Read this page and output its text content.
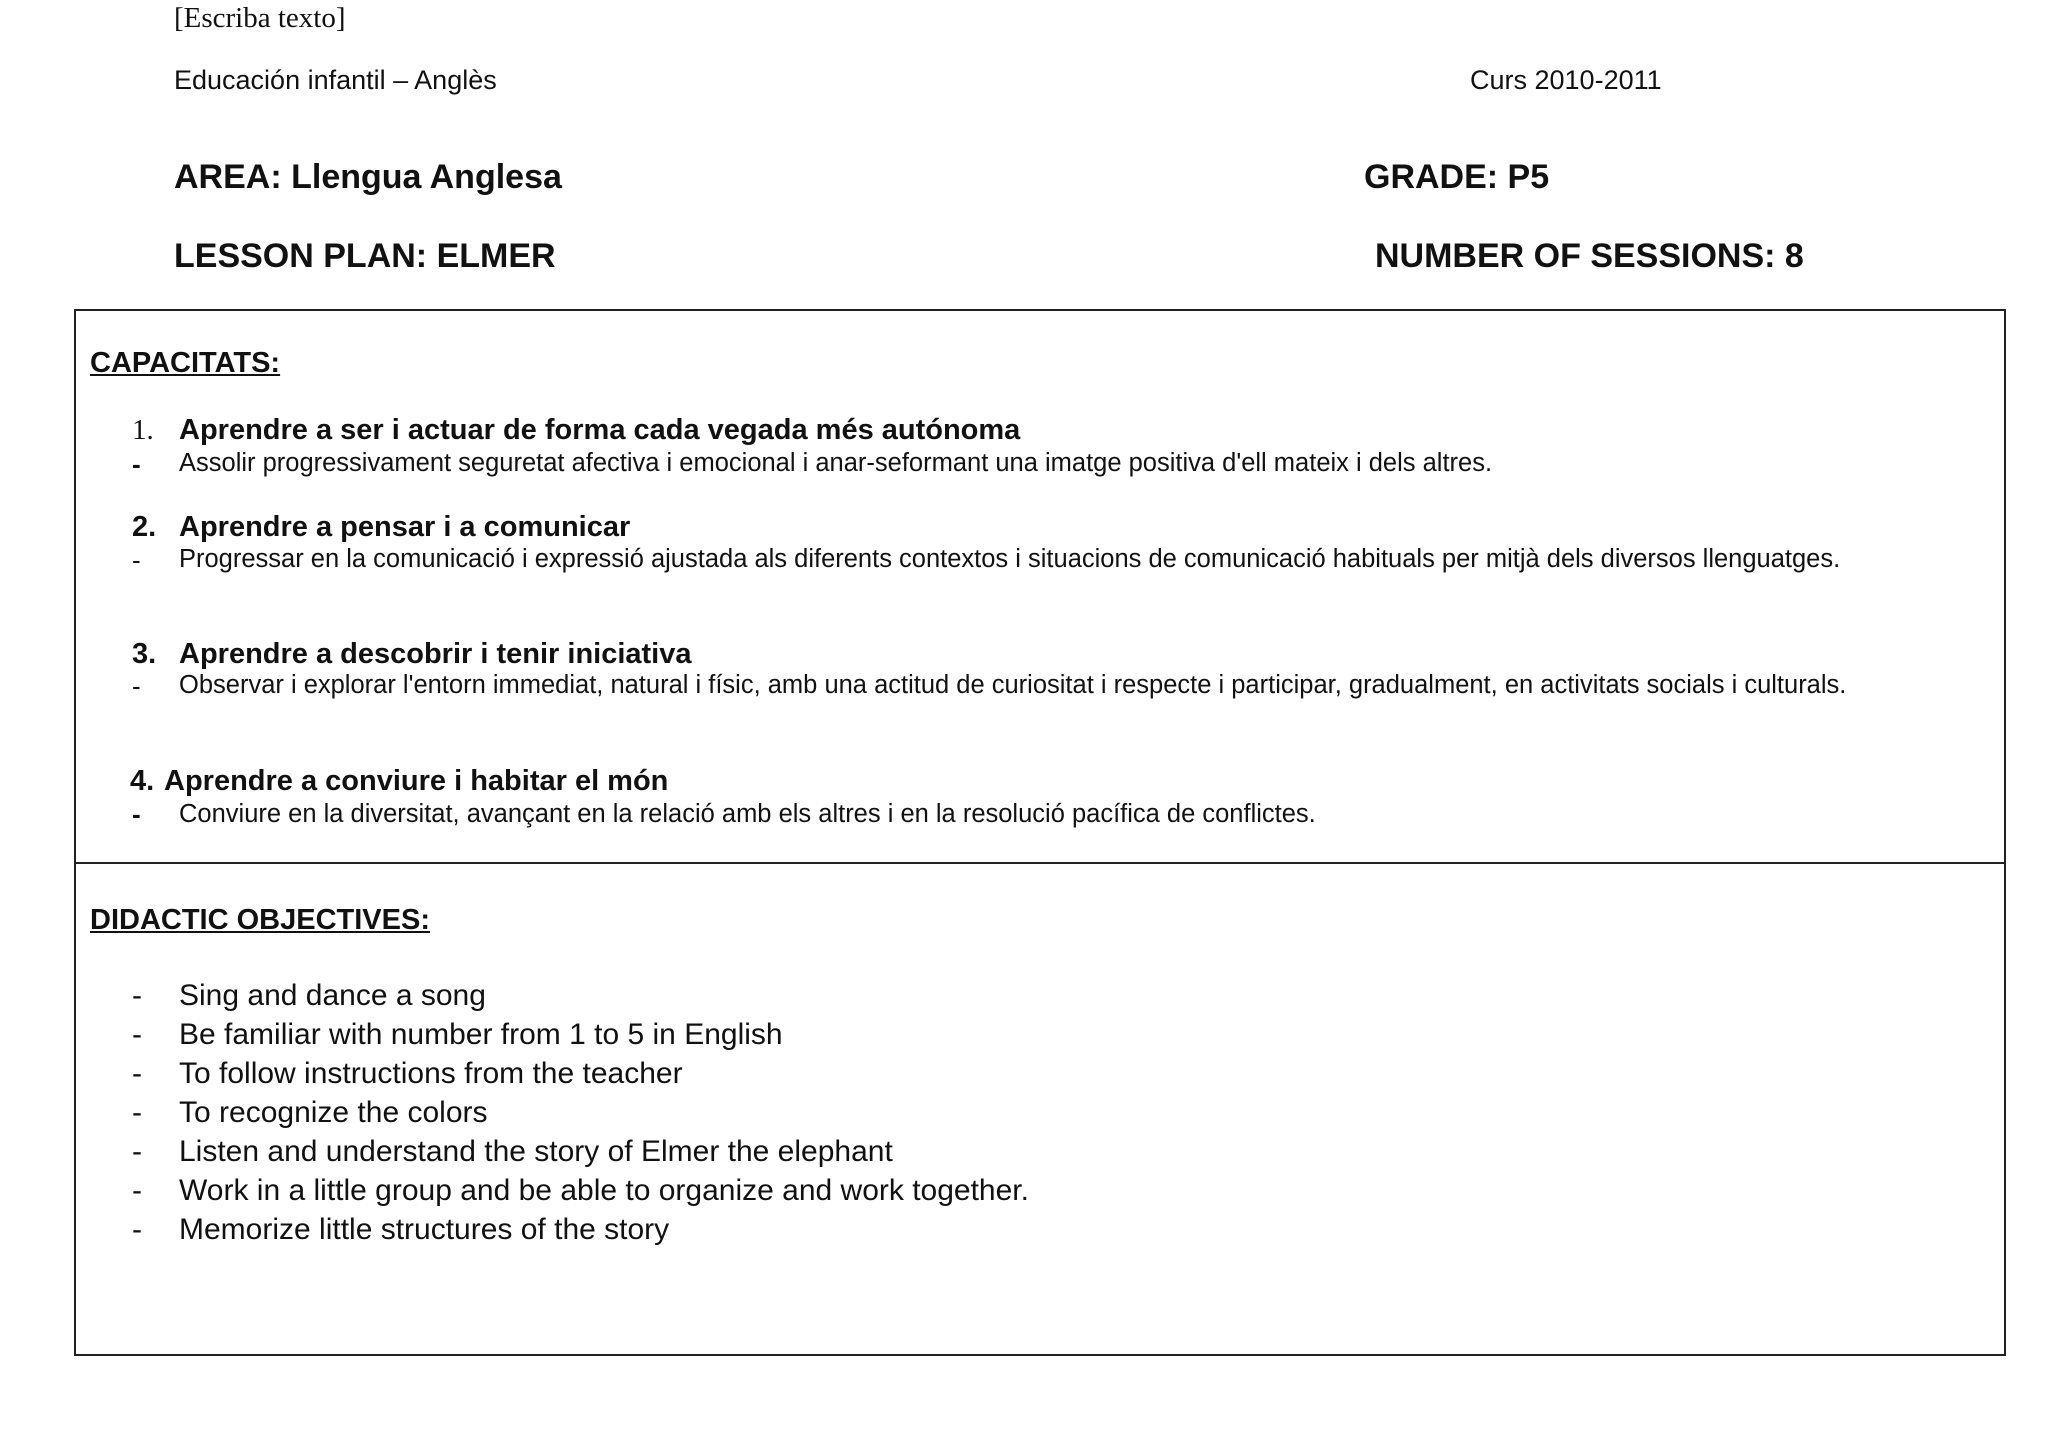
[Escriba texto]
Educación infantil – Anglès	Curs 2010-2011
AREA: Llengua Anglesa	GRADE: P5
LESSON PLAN: ELMER	NUMBER OF SESSIONS: 8
CAPACITATS:
1. Aprendre a ser i actuar de forma cada vegada més autónoma
- Assolir progressivament seguretat afectiva i emocional i anar-seformant una imatge positiva d'ell mateix i dels altres.
2. Aprendre a pensar i a comunicar
- Progressar en la comunicació i expressió ajustada als diferents contextos i situacions de comunicació habituals per mitjà dels diversos llenguatges.
3. Aprendre a descobrir i tenir iniciativa
- Observar i explorar l'entorn immediat, natural i físic, amb una actitud de curiositat i respecte i participar, gradualment, en activitats socials i culturals.
4. Aprendre a conviure i habitar el món
- Conviure en la diversitat, avançant en la relació amb els altres i en la resolució pacífica de conflictes.
DIDACTIC OBJECTIVES:
- Sing and dance a song
- Be familiar with number from 1 to 5 in English
- To follow instructions from the teacher
- To recognize the colors
- Listen and understand the story of Elmer the elephant
- Work in a little group and be able to organize and work together.
- Memorize little structures of the story
